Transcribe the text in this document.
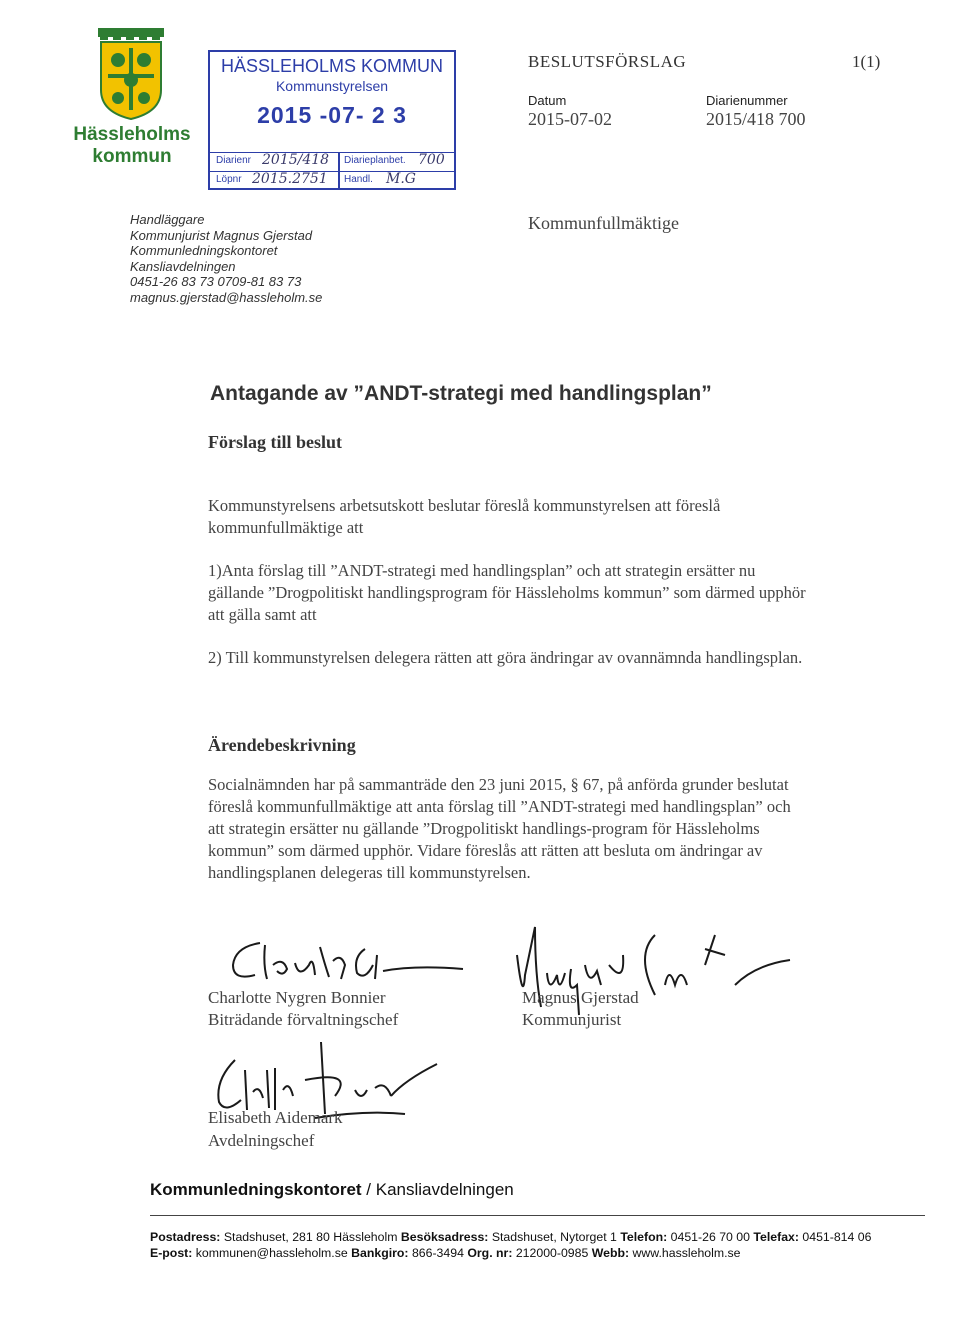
Hässleholms
kommun
HÄSSLEHOLMS KOMMUN
Kommunstyrelsen
2015 -07- 2 3
Diarienr 2015/418 Diarieplanbet. 700
Löpnr 2015.2751 Handl. M.G
BESLUTSFÖRSLAG	1(1)
Datum
2015-07-02
Diarienummer
2015/418 700
Handläggare
Kommunjurist Magnus Gjerstad
Kommunledningskontoret
Kansliavdelningen
0451-26 83 73 0709-81 83 73
magnus.gjerstad@hassleholm.se
Kommunfullmäktige
Antagande av ”ANDT-strategi med handlingsplan”
Förslag till beslut
Kommunstyrelsens arbetsutskott beslutar föreslå kommunstyrelsen att föreslå kommunfullmäktige att
1)Anta förslag till ”ANDT-strategi med handlingsplan” och att strategin ersätter nu gällande ”Drogpolitiskt handlingsprogram för Hässleholms kommun” som därmed upphör att gälla samt att
2) Till kommunstyrelsen delegera rätten att göra ändringar av ovannämnda handlingsplan.
Ärendebeskrivning
Socialnämnden har på sammanträde den 23 juni 2015, § 67, på anförda grunder beslutat föreslå kommunfullmäktige att anta förslag till ”ANDT-strategi med handlingsplan” och att strategin ersätter nu gällande ”Drogpolitiskt handlings-program för Hässleholms kommun” som därmed upphör. Vidare föreslås att rätten att besluta om ändringar av handlingsplanen delegeras till kommunstyrelsen.
Charlotte Nygren Bonnier
Biträdande förvaltningschef
Magnus Gjerstad
Kommunjurist
Elisabeth Aidemark
Avdelningschef
Kommunledningskontoret / Kansliavdelningen
Postadress: Stadshuset, 281 80 Hässleholm Besöksadress: Stadshuset, Nytorget 1 Telefon: 0451-26 70 00 Telefax: 0451-814 06
E-post: kommunen@hassleholm.se Bankgiro: 866-3494 Org. nr: 212000-0985 Webb: www.hassleholm.se
